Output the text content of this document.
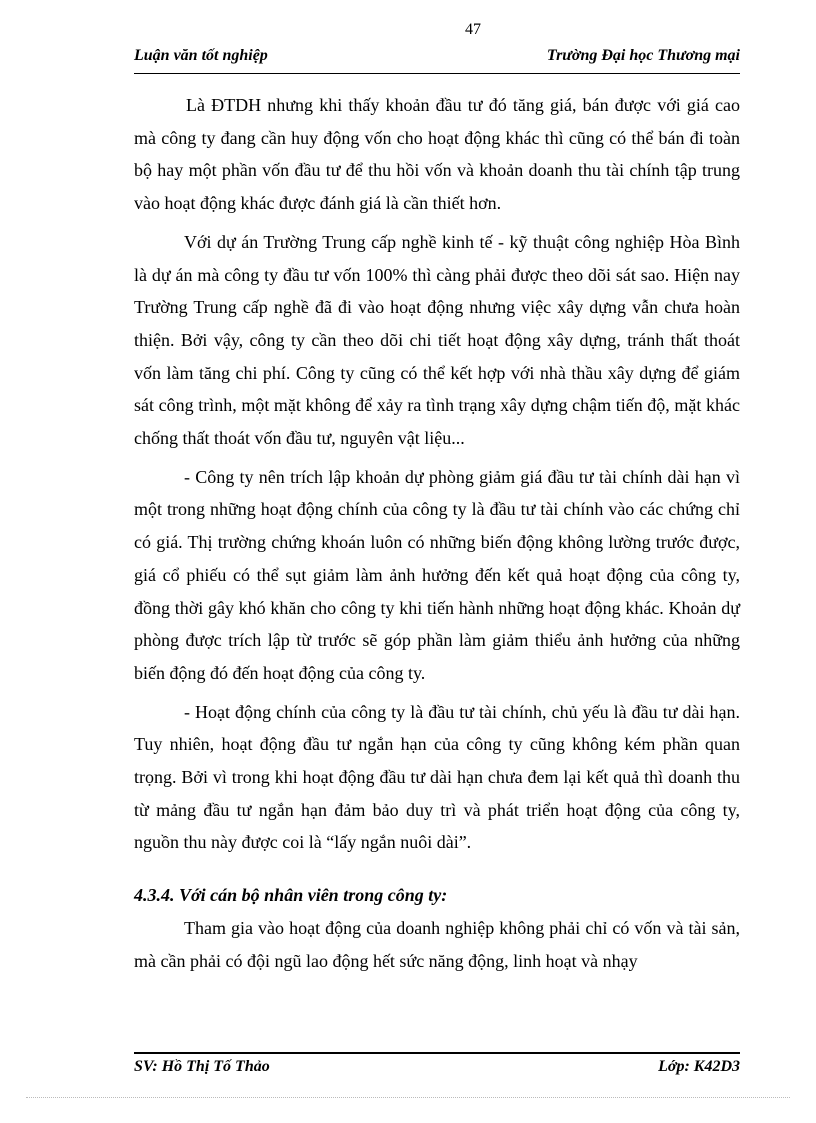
47
Luận văn tốt nghiệp	Trường Đại học Thương mại

Là ĐTDH nhưng khi thấy khoản đầu tư đó tăng giá, bán được với giá cao mà công ty đang cần huy động vốn cho hoạt động khác thì cũng có thể bán đi toàn bộ hay một phần vốn đầu tư để thu hồi vốn và khoản doanh thu tài chính tập trung vào hoạt động khác được đánh giá là cần thiết hơn.

Với dự án Trường Trung cấp nghề kinh tế - kỹ thuật công nghiệp Hòa Bình là dự án mà công ty đầu tư vốn 100% thì càng phải được theo dõi sát sao. Hiện nay Trường Trung cấp nghề đã đi vào hoạt động nhưng việc xây dựng vẫn chưa hoàn thiện. Bởi vậy, công ty cần theo dõi chi tiết hoạt động xây dựng, tránh thất thoát vốn làm tăng chi phí. Công ty cũng có thể kết hợp với nhà thầu xây dựng để giám sát công trình, một mặt không để xảy ra tình trạng xây dựng chậm tiến độ, mặt khác chống thất thoát vốn đầu tư, nguyên vật liệu...

- Công ty nên trích lập khoản dự phòng giảm giá đầu tư tài chính dài hạn vì một trong những hoạt động chính của công ty là đầu tư tài chính vào các chứng chỉ có giá. Thị trường chứng khoán luôn có những biến động không lường trước được, giá cổ phiếu có thể sụt giảm làm ảnh hưởng đến kết quả hoạt động của công ty, đồng thời gây khó khăn cho công ty khi tiến hành những hoạt động khác. Khoản dự phòng được trích lập từ trước sẽ góp phần làm giảm thiểu ảnh hưởng của những biến động đó đến hoạt động của công ty.

- Hoạt động chính của công ty là đầu tư tài chính, chủ yếu là đầu tư dài hạn. Tuy nhiên, hoạt động đầu tư ngắn hạn của công ty cũng không kém phần quan trọng. Bởi vì trong khi hoạt động đầu tư dài hạn chưa đem lại kết quả thì doanh thu từ mảng đầu tư ngắn hạn đảm bảo duy trì và phát triển hoạt động của công ty, nguồn thu này được coi là “lấy ngắn nuôi dài”.

4.3.4. Với cán bộ nhân viên trong công ty:

Tham gia vào hoạt động của doanh nghiệp không phải chỉ có vốn và tài sản, mà cần phải có đội ngũ lao động hết sức năng động, linh hoạt và nhạy

SV: Hồ Thị Tố Thảo	Lớp: K42D3
